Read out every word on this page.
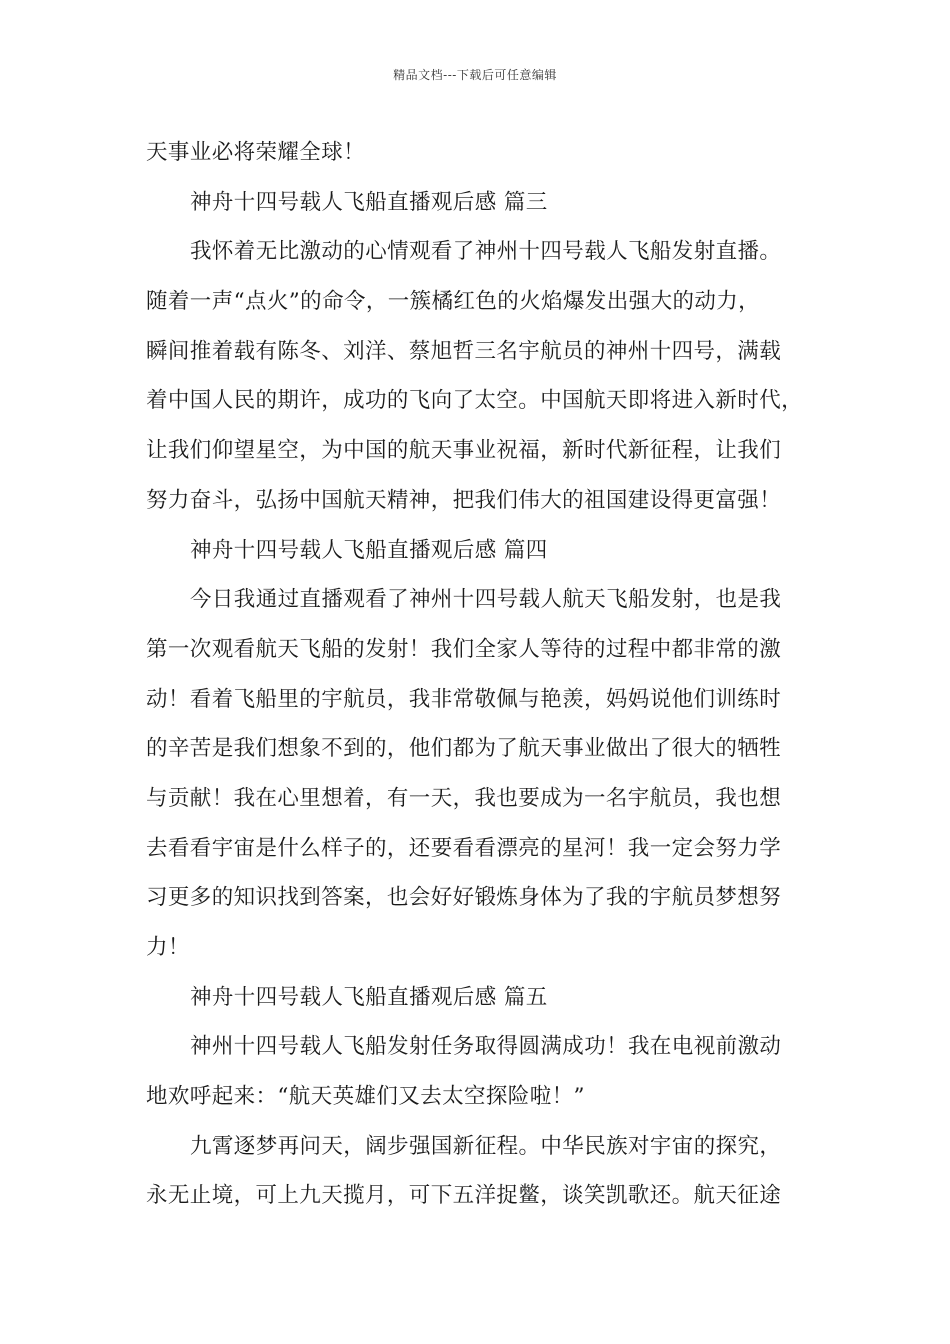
精品文档---下载后可任意编辑
天事业必将荣耀全球！
神舟十四号载人飞船直播观后感 篇三
我怀着无比激动的心情观看了神州十四号载人飞船发射直播。
随着一声“点火”的命令，一簇橘红色的火焰爆发出强大的动力，
瞬间推着载有陈冬、刘洋、蔡旭哲三名宇航员的神州十四号，满载
着中国人民的期许，成功的飞向了太空。中国航天即将进入新时代，
让我们仰望星空，为中国的航天事业祝福，新时代新征程，让我们
努力奋斗，弘扬中国航天精神，把我们伟大的祖国建设得更富强！
神舟十四号载人飞船直播观后感 篇四
今日我通过直播观看了神州十四号载人航天飞船发射，也是我
第一次观看航天飞船的发射！我们全家人等待的过程中都非常的激
动！看着飞船里的宇航员，我非常敬佩与艳羡，妈妈说他们训练时
的辛苦是我们想象不到的，他们都为了航天事业做出了很大的牺牲
与贡献！我在心里想着，有一天，我也要成为一名宇航员，我也想
去看看宇宙是什么样子的，还要看看漂亮的星河！我一定会努力学
习更多的知识找到答案，也会好好锻炼身体为了我的宇航员梦想努
力！
神舟十四号载人飞船直播观后感 篇五
神州十四号载人飞船发射任务取得圆满成功！我在电视前激动
地欢呼起来：“航天英雄们又去太空探险啦！”
九霄逐梦再问天，阔步强国新征程。中华民族对宇宙的探究，
永无止境，可上九天揽月，可下五洋捉鳖，谈笑凯歌还。航天征途
